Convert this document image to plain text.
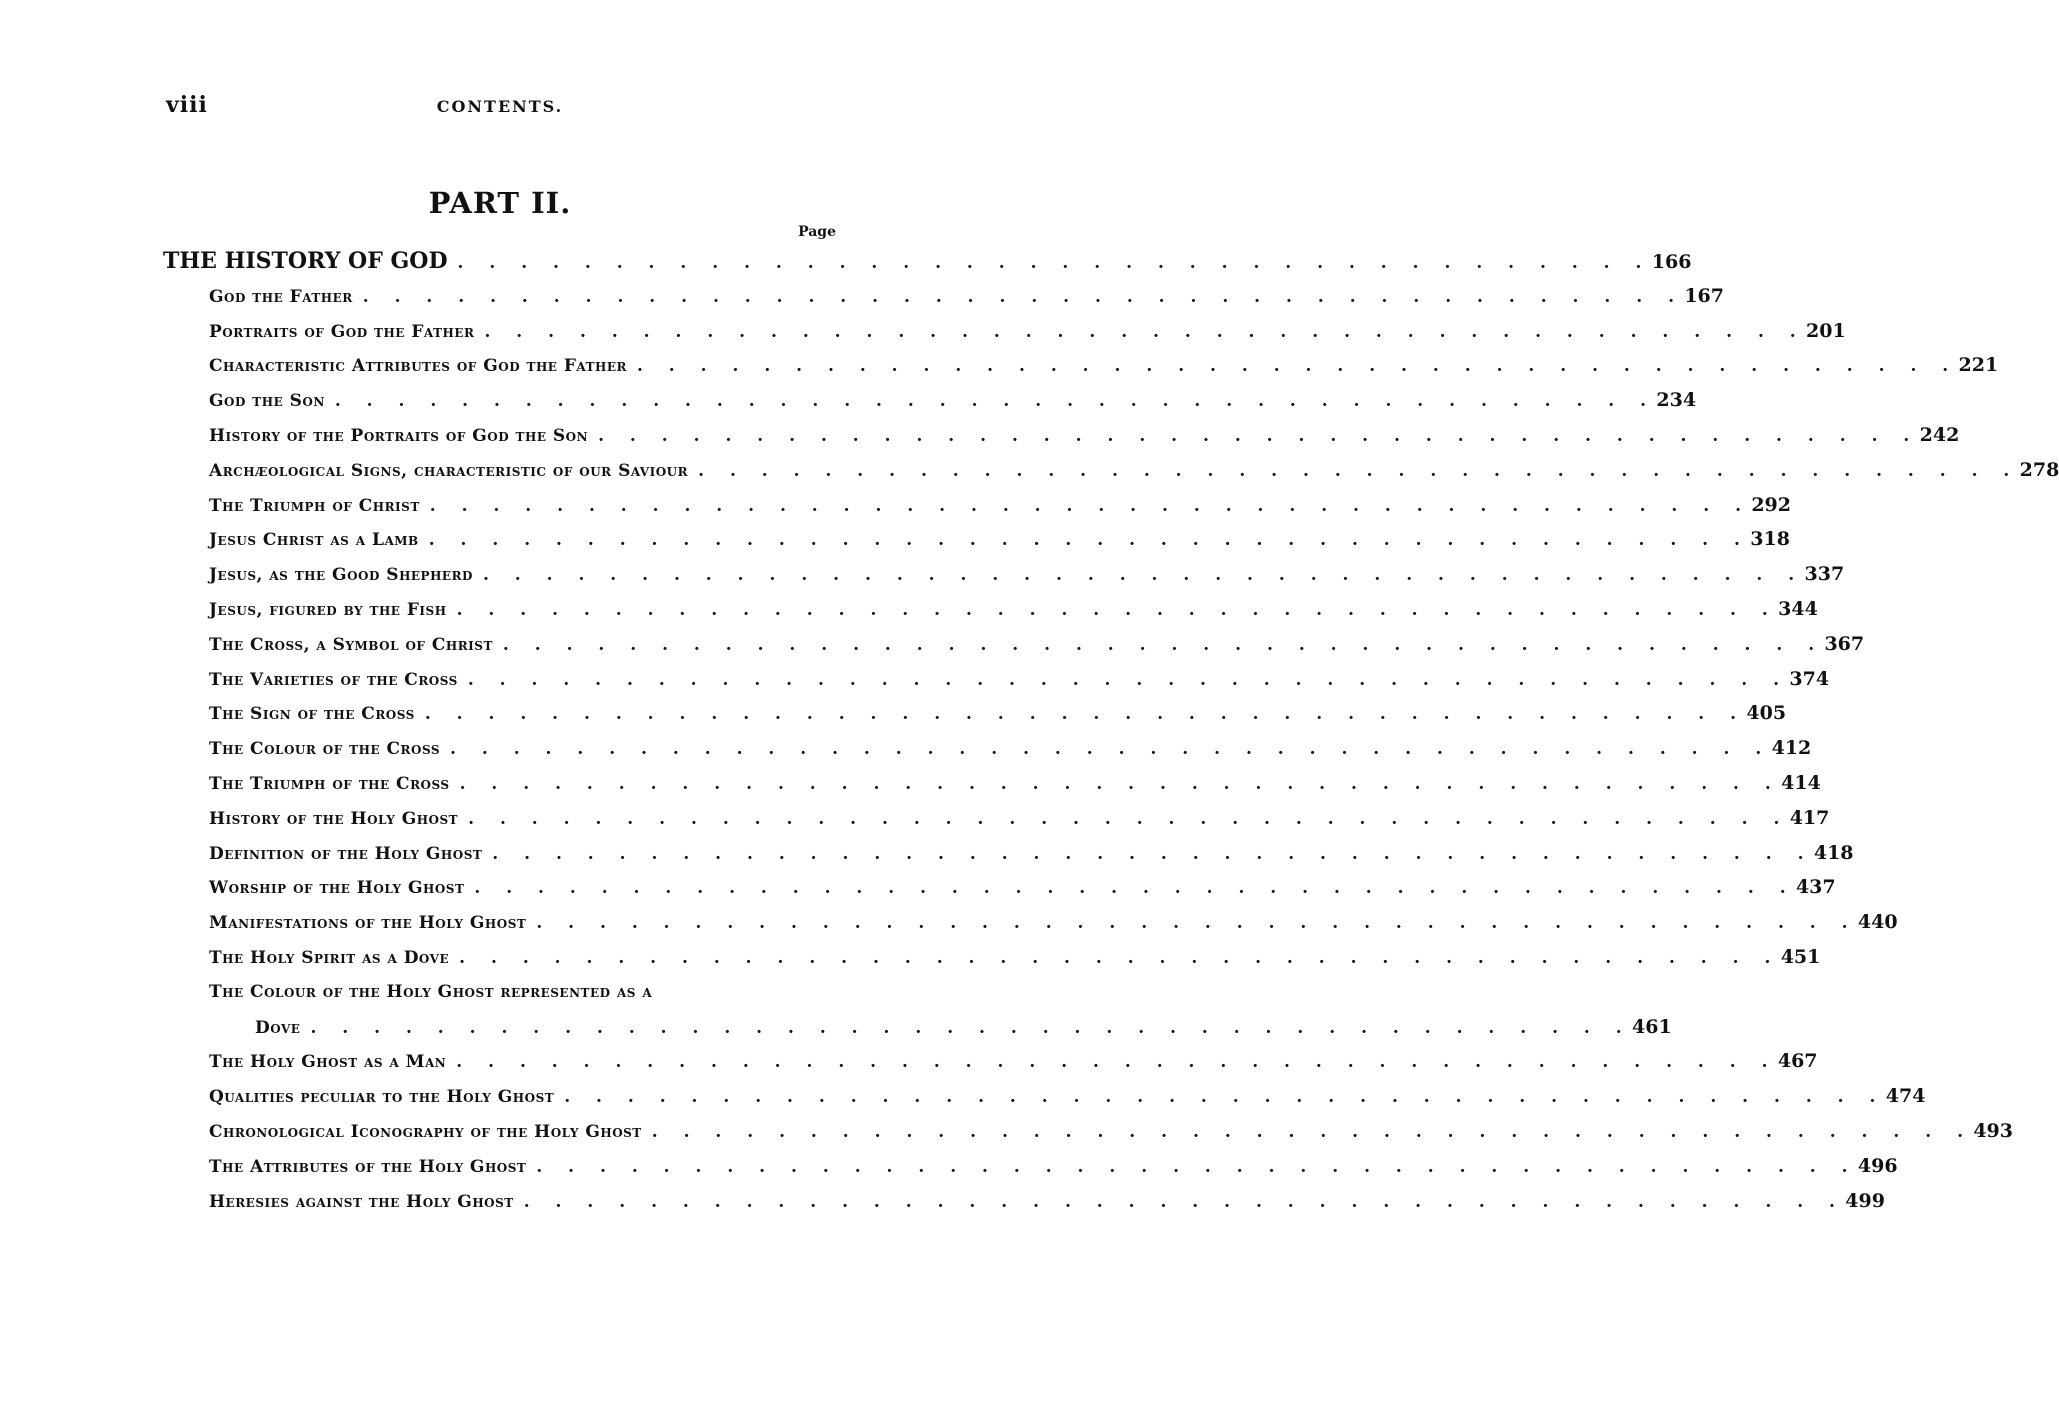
viii	CONTENTS.
PART II.
Page
THE HISTORY OF GOD . . . . . . . . . . . . . . . . . . . . . . . . . . . . . . . . . . . . . . 166
God the Father . . . . . . . . . . . . . . . . . . . . . . . . . . . . . . . . . . . . . . . . . . 167
Portraits of God the Father . . . . . . . . . . . . . . . . . . . . . . . . . . . . . . . . . . . . . . . . . . 201
Characteristic Attributes of God the Father . . . . . . . . . . . . . . . . . . . . . . . . . . . . . . . . . . . . . . . . . . 221
God the Son . . . . . . . . . . . . . . . . . . . . . . . . . . . . . . . . . . . . . . . . . . 234
History of the Portraits of God the Son . . . . . . . . . . . . . . . . . . . . . . . . . . . . . . . . . . . . . . . . . . 242
Archæological Signs, characteristic of our Saviour . . . . . . . . . . . . . . . . . . . . . . . . . . . . . . . . . . . . . . . . . . 278
The Triumph of Christ . . . . . . . . . . . . . . . . . . . . . . . . . . . . . . . . . . . . . . . . . . 292
Jesus Christ as a Lamb . . . . . . . . . . . . . . . . . . . . . . . . . . . . . . . . . . . . . . . . . . 318
Jesus, as the Good Shepherd . . . . . . . . . . . . . . . . . . . . . . . . . . . . . . . . . . . . . . . . . . 337
Jesus, figured by the Fish . . . . . . . . . . . . . . . . . . . . . . . . . . . . . . . . . . . . . . . . . . 344
The Cross, a Symbol of Christ . . . . . . . . . . . . . . . . . . . . . . . . . . . . . . . . . . . . . . . . . . 367
The Varieties of the Cross . . . . . . . . . . . . . . . . . . . . . . . . . . . . . . . . . . . . . . . . . . 374
The Sign of the Cross . . . . . . . . . . . . . . . . . . . . . . . . . . . . . . . . . . . . . . . . . . 405
The Colour of the Cross . . . . . . . . . . . . . . . . . . . . . . . . . . . . . . . . . . . . . . . . . . 412
The Triumph of the Cross . . . . . . . . . . . . . . . . . . . . . . . . . . . . . . . . . . . . . . . . . . 414
History of the Holy Ghost . . . . . . . . . . . . . . . . . . . . . . . . . . . . . . . . . . . . . . . . . . 417
Definition of the Holy Ghost . . . . . . . . . . . . . . . . . . . . . . . . . . . . . . . . . . . . . . . . . . 418
Worship of the Holy Ghost . . . . . . . . . . . . . . . . . . . . . . . . . . . . . . . . . . . . . . . . . . 437
Manifestations of the Holy Ghost . . . . . . . . . . . . . . . . . . . . . . . . . . . . . . . . . . . . . . . . . . 440
The Holy Spirit as a Dove . . . . . . . . . . . . . . . . . . . . . . . . . . . . . . . . . . . . . . . . . . 451
The Colour of the Holy Ghost represented as a
Dove . . . . . . . . . . . . . . . . . . . . . . . . . . . . . . . . . . . . . . . . . . 461
The Holy Ghost as a Man . . . . . . . . . . . . . . . . . . . . . . . . . . . . . . . . . . . . . . . . . . 467
Qualities peculiar to the Holy Ghost . . . . . . . . . . . . . . . . . . . . . . . . . . . . . . . . . . . . . . . . . . 474
Chronological Iconography of the Holy Ghost . . . . . . . . . . . . . . . . . . . . . . . . . . . . . . . . . . . . . . . . . . 493
The Attributes of the Holy Ghost . . . . . . . . . . . . . . . . . . . . . . . . . . . . . . . . . . . . . . . . . . 496
Heresies against the Holy Ghost . . . . . . . . . . . . . . . . . . . . . . . . . . . . . . . . . . . . . . . . . . 499
